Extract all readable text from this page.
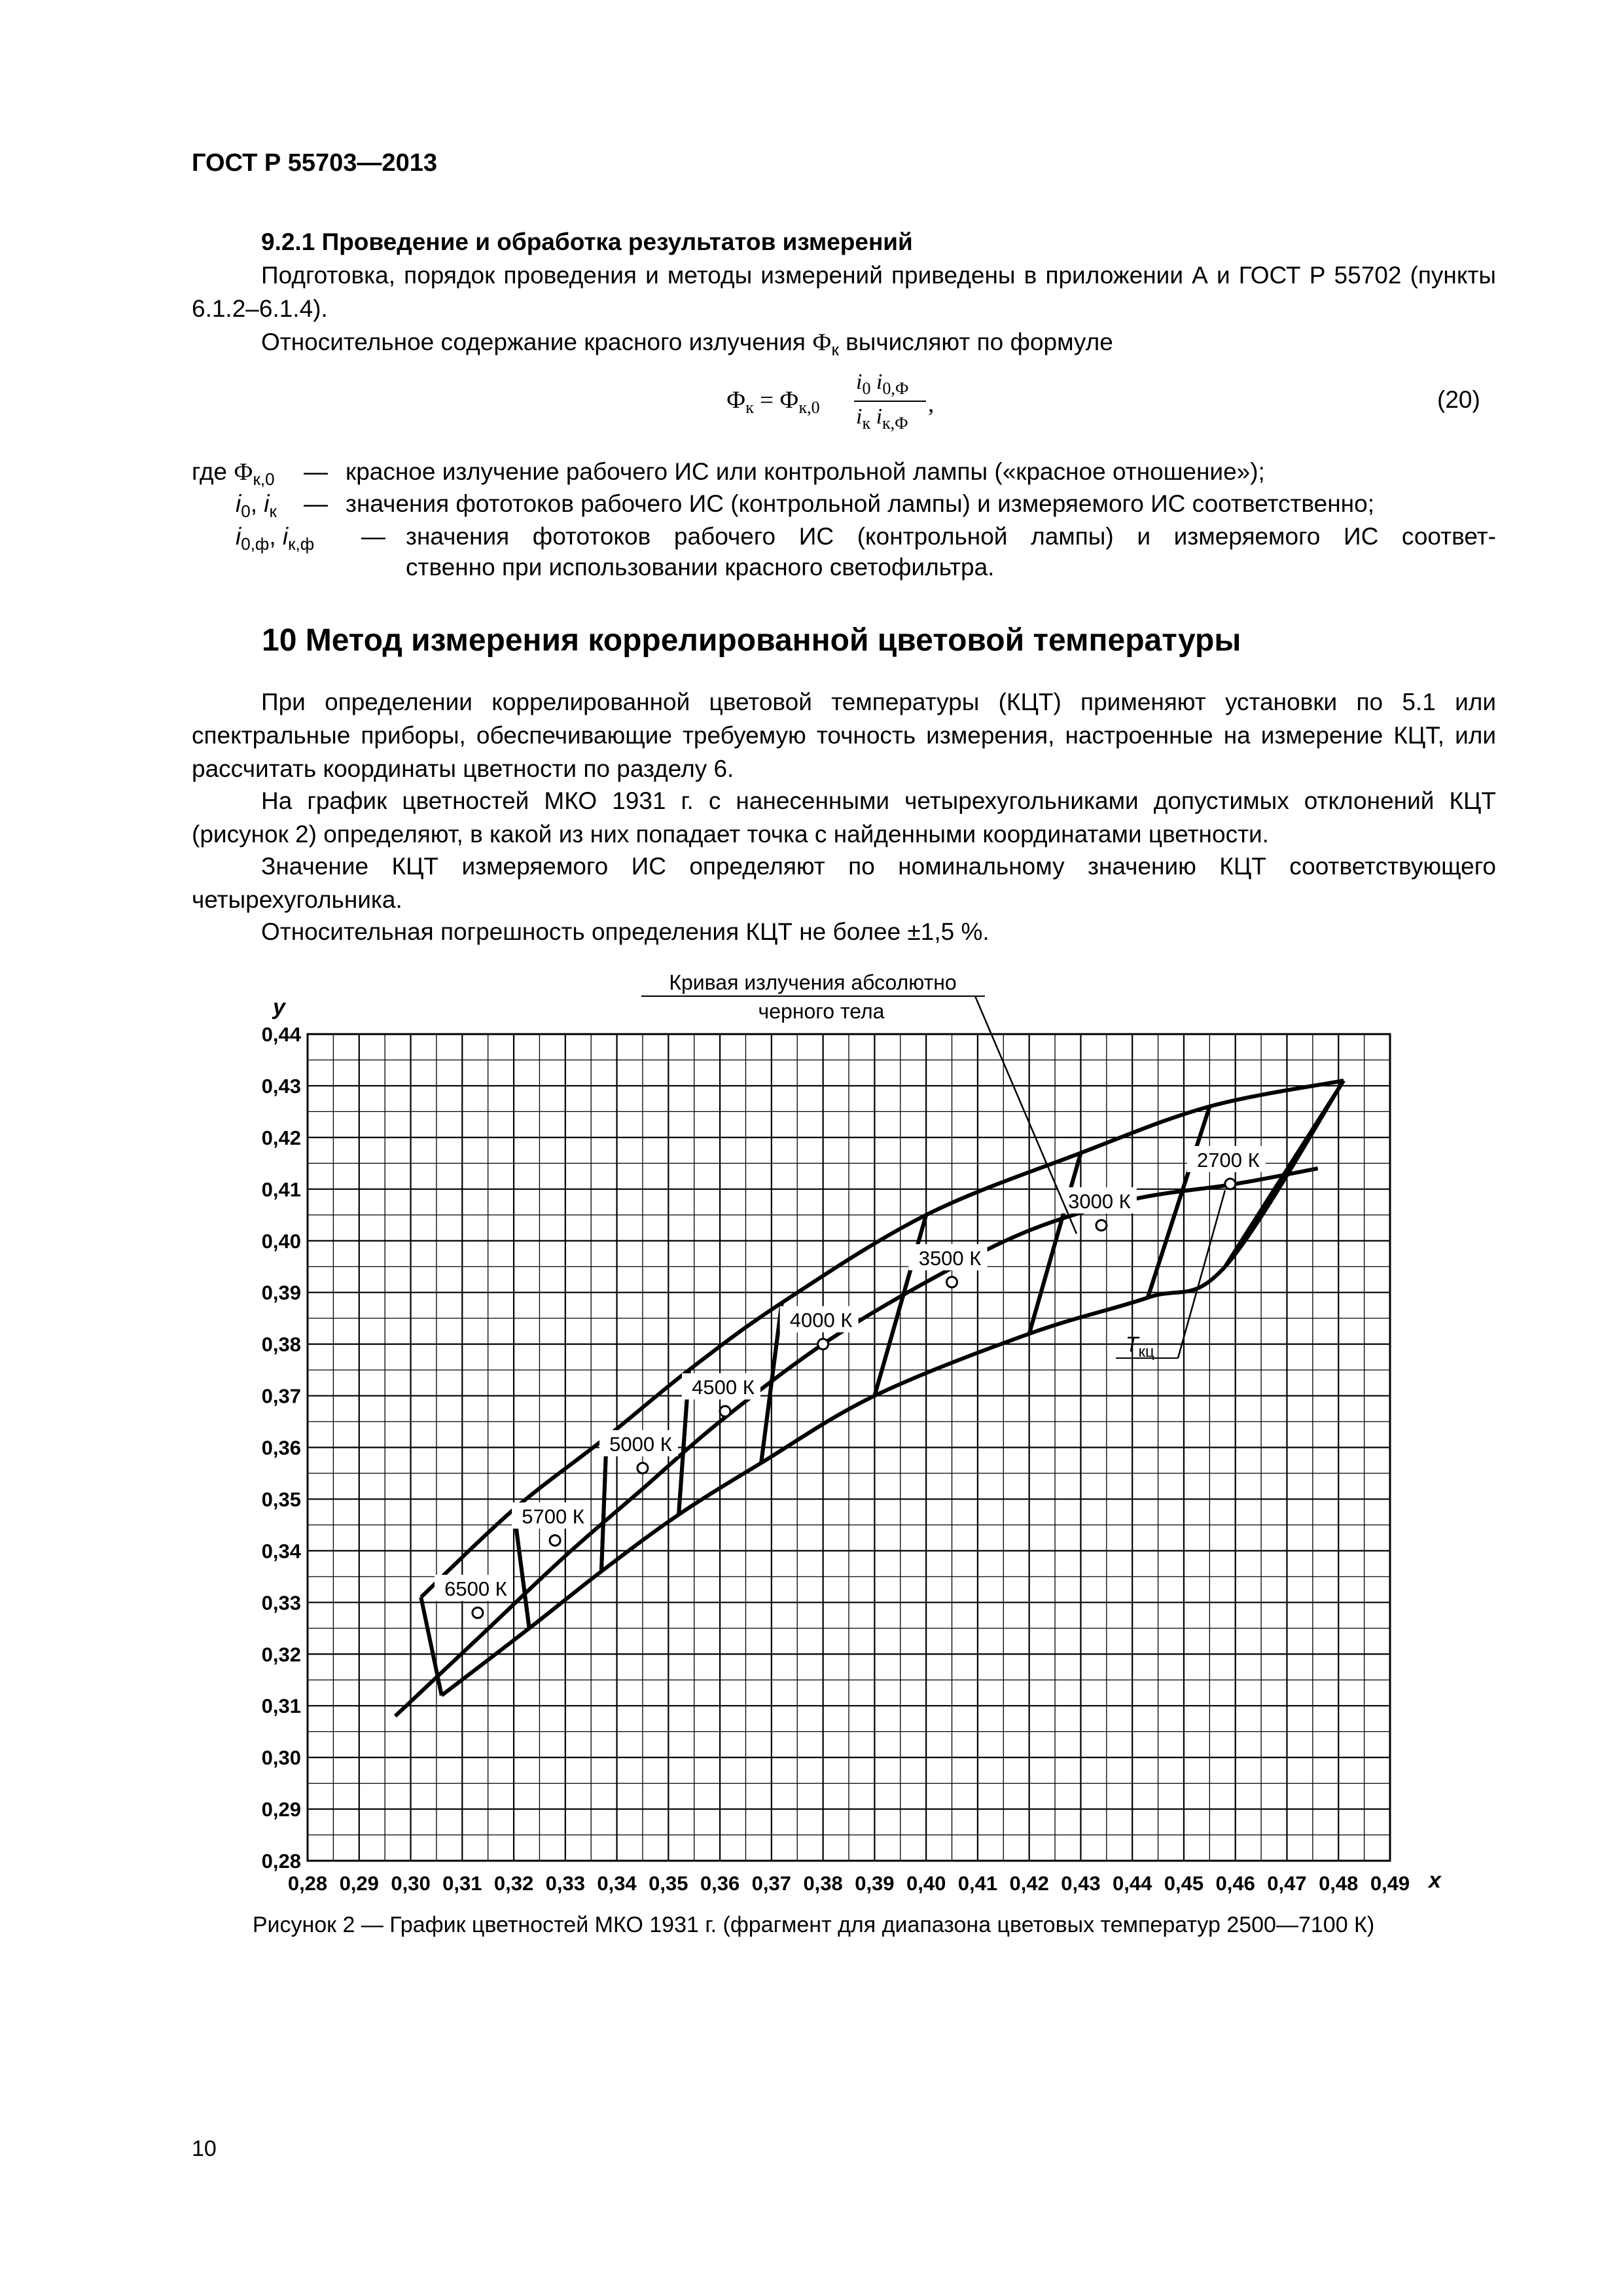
ГОСТ Р 55703—2013
9.2.1 Проведение и обработка результатов измерений
Подготовка, порядок проведения и методы измерений приведены в приложении А и ГОСТ Р 55702 (пункты 6.1.2–6.1.4).
Относительное содержание красного излучения $Ф_к$ вычисляют по формуле
$Ф_к = Ф_{к,0}$
$i_0$ $i_{0,Ф}$
$i_к$ $i_{к,Ф}$
,	(20)
где $Ф_{к,0}$ — красное излучение рабочего ИС или контрольной лампы («красное отношение»);
$i_0$, $i_к$ — значения фототоков рабочего ИС (контрольной лампы) и измеряемого ИС соответственно;
$i_{0,ф}$, $i_{к,ф}$ — значения фототоков рабочего ИС (контрольной лампы) и измеряемого ИС соответ-
ственно при использовании красного светофильтра.
10 Метод измерения коррелированной цветовой температуры
При определении коррелированной цветовой температуры (КЦТ) применяют установки по 5.1 или спектральные приборы, обеспечивающие требуемую точность измерения, настроенные на измерение КЦТ, или рассчитать координаты цветности по разделу 6.
На график цветностей МКО 1931 г. с нанесенными четырехугольниками допустимых отклонений КЦТ (рисунок 2) определяют, в какой из них попадает точка с найденными координатами цветности.
Значение КЦТ измеряемого ИС определяют по номинальному значению КЦТ соответствующего четырехугольника.
Относительная погрешность определения КЦТ не более ±1,5 %.
0,28 0,29 0,30 0,31 0,32 0,33 0,34 0,35 0,36 0,37 0,38 0,39 0,40 0,41 0,42 0,43 0,44 0,45 0,46 0,47 0,48 0,49
0,28
0,29
0,30
0,31
0,32
0,33
0,34
0,35
0,36
0,37
0,38
0,39
0,40
0,41
0,42
0,43
0,44
6500 К
5700 К
5000 К
4500 К
4000 К
3500 К
3000 К
2700 К
Кривая излучения абсолютно
черного тела
$T_{кц}$
y
x
Рисунок 2 — График цветностей МКО 1931 г. (фрагмент для диапазона цветовых температур 2500—7100 К)
10
